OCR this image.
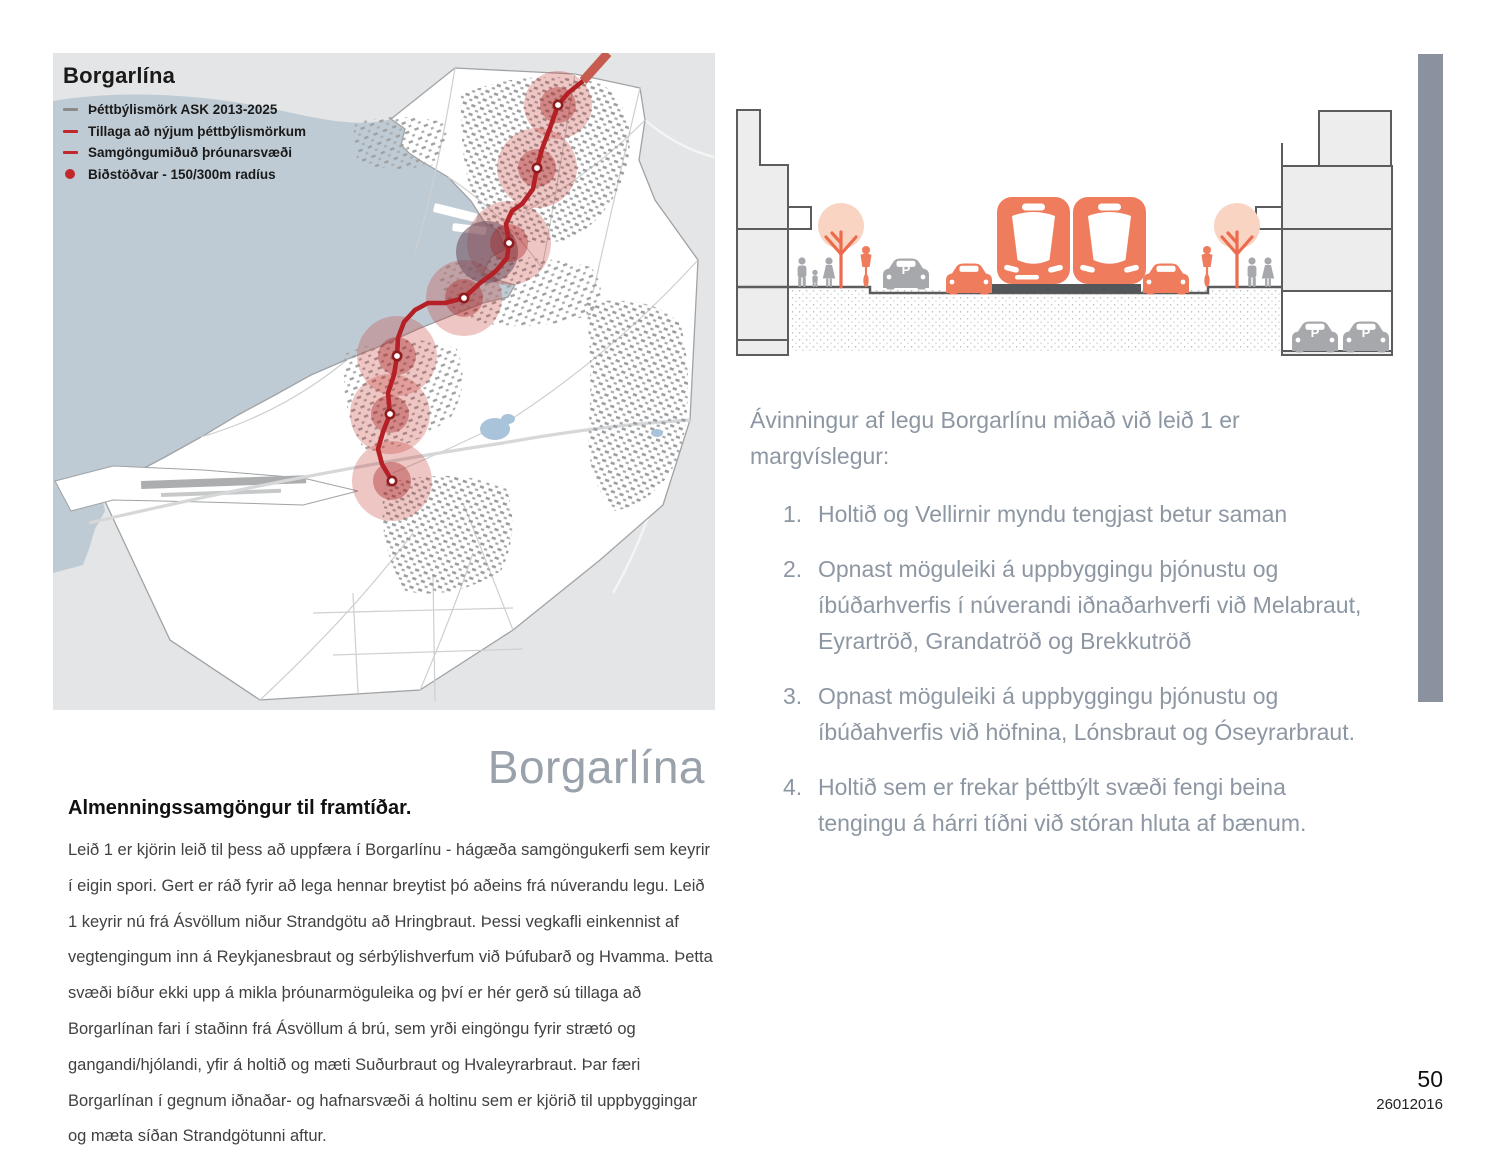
Borgarlína
Þéttbýlismörk ASK 2013-2025
Tillaga að nýjum þéttbýlismörkum
Samgöngumiðuð þróunarsvæði
Biðstöðvar - 150/300m radíus
P	P
P

Ávinningur af legu Borgarlínu miðað við leið 1 er margvíslegur:

1. Holtið og Vellirnir myndu tengjast betur saman
2. Opnast möguleiki á uppbyggingu þjónustu og íbúðarhverfis í núverandi iðnaðarhverfi við Melabraut, Eyrartröð, Grandatröð og Brekkutröð
3. Opnast möguleiki á uppbyggingu þjónustu og íbúðahverfis við höfnina, Lónsbraut og Óseyrarbraut.
4. Holtið sem er frekar þéttbýlt svæði fengi beina tengingu á hárri tíðni við stóran hluta af bænum.
Borgarlína
Almenningssamgöngur til framtíðar.

Leið 1 er kjörin leið til þess að uppfæra í Borgarlínu - hágæða samgöngukerfi sem keyrir í eigin spori. Gert er ráð fyrir að lega hennar breytist þó aðeins frá núverandu legu. Leið 1 keyrir nú frá Ásvöllum niður Strandgötu að Hringbraut. Þessi vegkafli einkennist af vegtengingum inn á Reykjanesbraut og sérbýlishverfum við Þúfubarð og Hvamma. Þetta svæði bíður ekki upp á mikla þróunarmöguleika og því er hér gerð sú tillaga að Borgarlínan fari í staðinn frá Ásvöllum á brú, sem yrði eingöngu fyrir strætó og gangandi/hjólandi, yfir á holtið og mæti Suðurbraut og Hvaleyrarbraut. Þar færi Borgarlínan í gegnum iðnaðar- og hafnarsvæði á holtinu sem er kjörið til uppbyggingar og mæta síðan Strandgötunni aftur.

50
26012016
